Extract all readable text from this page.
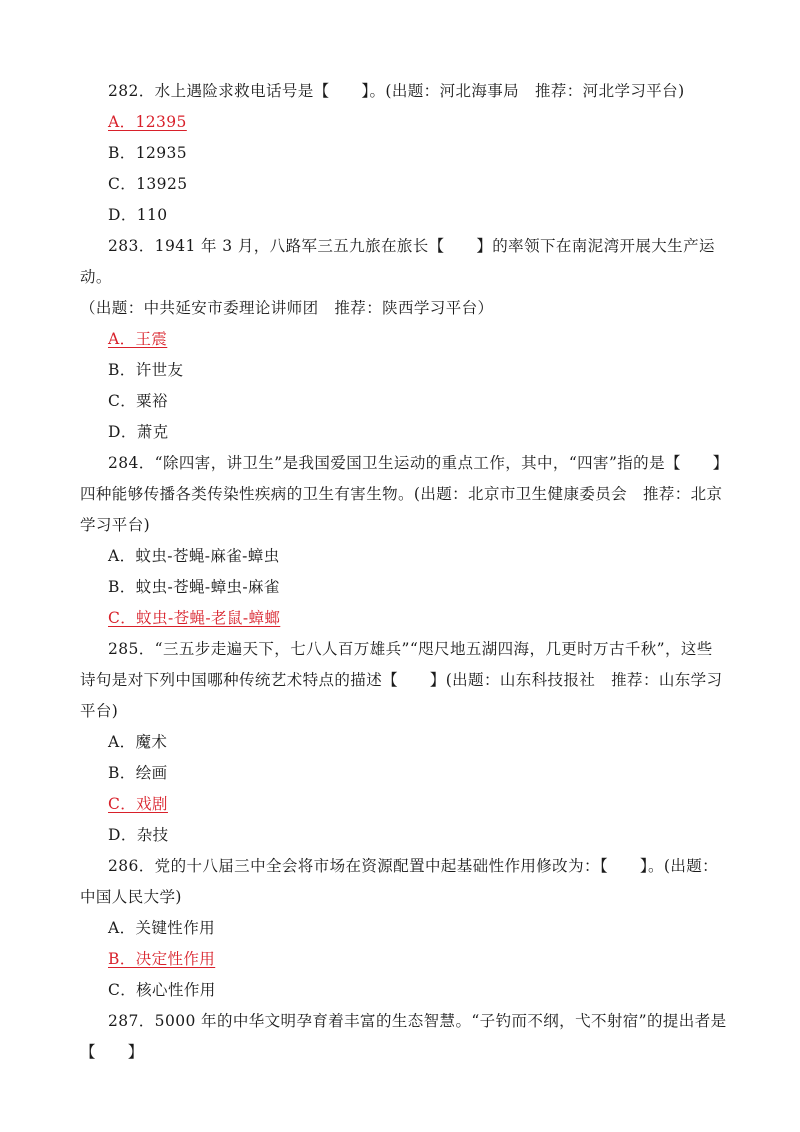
282．水上遇险求救电话号是【　　】。(出题：河北海事局　推荐：河北学习平台)

A．12395

B．12935

C．13925

D．110

283．1941 年 3 月，八路军三五九旅在旅长【　　】的率领下在南泥湾开展大生产运动。

（出题：中共延安市委理论讲师团　推荐：陕西学习平台）

A．王震

B．许世友

C．粟裕

D．萧克

284．“除四害，讲卫生”是我国爱国卫生运动的重点工作，其中，“四害”指的是【　　】

四种能够传播各类传染性疾病的卫生有害生物。(出题：北京市卫生健康委员会　推荐：北京

学习平台)

A．蚊虫-苍蝇-麻雀-蟑虫

B．蚊虫-苍蝇-蟑虫-麻雀

C．蚊虫-苍蝇-老鼠-蟑螂

285．“三五步走遍天下，七八人百万雄兵”“咫尺地五湖四海，几更时万古千秋”，这些

诗句是对下列中国哪种传统艺术特点的描述【　　】(出题：山东科技报社　推荐：山东学习

平台)

A．魔术

B．绘画

C．戏剧

D．杂技

286．党的十八届三中全会将市场在资源配置中起基础性作用修改为：【　　】。(出题：

中国人民大学)

A．关键性作用

B．决定性作用

C．核心性作用

287．5000 年的中华文明孕育着丰富的生态智慧。“子钓而不纲，弋不射宿”的提出者是

【　　】
